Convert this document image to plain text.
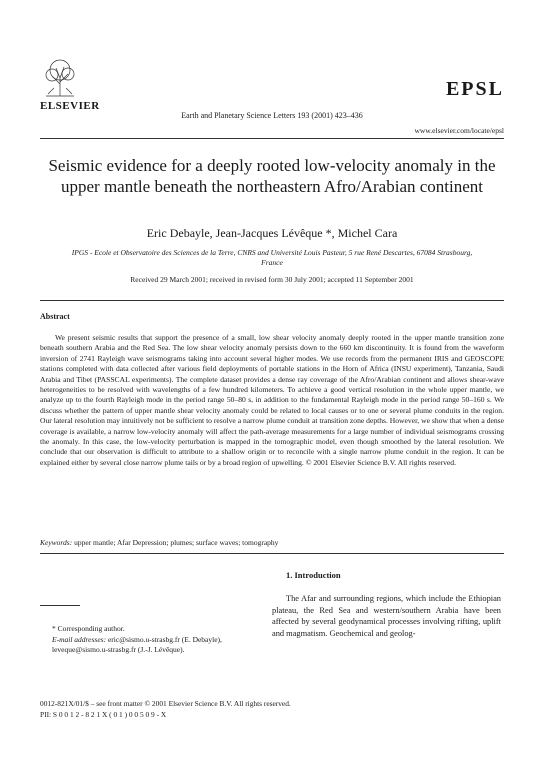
ELSEVIER
Earth and Planetary Science Letters 193 (2001) 423–436
EPSL
www.elsevier.com/locate/epsl
Seismic evidence for a deeply rooted low-velocity anomaly in the upper mantle beneath the northeastern Afro/Arabian continent
Eric Debayle, Jean-Jacques Lévêque *, Michel Cara
IPGS - Ecole et Observatoire des Sciences de la Terre, CNRS and Université Louis Pasteur, 5 rue René Descartes, 67084 Strasbourg, France
Received 29 March 2001; received in revised form 30 July 2001; accepted 11 September 2001
Abstract
We present seismic results that support the presence of a small, low shear velocity anomaly deeply rooted in the upper mantle transition zone beneath southern Arabia and the Red Sea. The low shear velocity anomaly persists down to the 660 km discontinuity. It is found from the waveform inversion of 2741 Rayleigh wave seismograms taking into account several higher modes. We use records from the permanent IRIS and GEOSCOPE stations completed with data collected after various field deployments of portable stations in the Horn of Africa (INSU experiment), Tanzania, Saudi Arabia and Tibet (PASSCAL experiments). The complete dataset provides a dense ray coverage of the Afro/Arabian continent and allows shear-wave heterogeneities to be resolved with wavelengths of a few hundred kilometers. To achieve a good vertical resolution in the whole upper mantle, we analyze up to the fourth Rayleigh mode in the period range 50–80 s, in addition to the fundamental Rayleigh mode in the period range 50–160 s. We discuss whether the pattern of upper mantle shear velocity anomaly could be related to local causes or to one or several plume conduits in the region. Our lateral resolution may intuitively not be sufficient to resolve a narrow plume conduit at transition zone depths. However, we show that when a dense coverage is available, a narrow low-velocity anomaly will affect the path-average measurements for a large number of individual seismograms crossing the anomaly. In this case, the low-velocity perturbation is mapped in the tomographic model, even though smoothed by the lateral resolution. We conclude that our observation is difficult to attribute to a shallow origin or to reconcile with a single narrow plume conduit in the region. It can be explained either by several close narrow plume tails or by a broad region of upwelling. © 2001 Elsevier Science B.V. All rights reserved.
Keywords: upper mantle; Afar Depression; plumes; surface waves; tomography
1. Introduction
The Afar and surrounding regions, which include the Ethiopian plateau, the Red Sea and western/southern Arabia have been affected by several geodynamical processes involving rifting, uplift and magmatism. Geochemical and geolog-
* Corresponding author.
E-mail addresses: eric@sismo.u-strasbg.fr (E. Debayle), leveque@sismo.u-strasbg.fr (J.-J. Lévêque).
0012-821X/01/$ – see front matter © 2001 Elsevier Science B.V. All rights reserved.
PII: S 0 0 1 2 - 8 2 1 X ( 0 1 ) 0 0 5 0 9 - X
